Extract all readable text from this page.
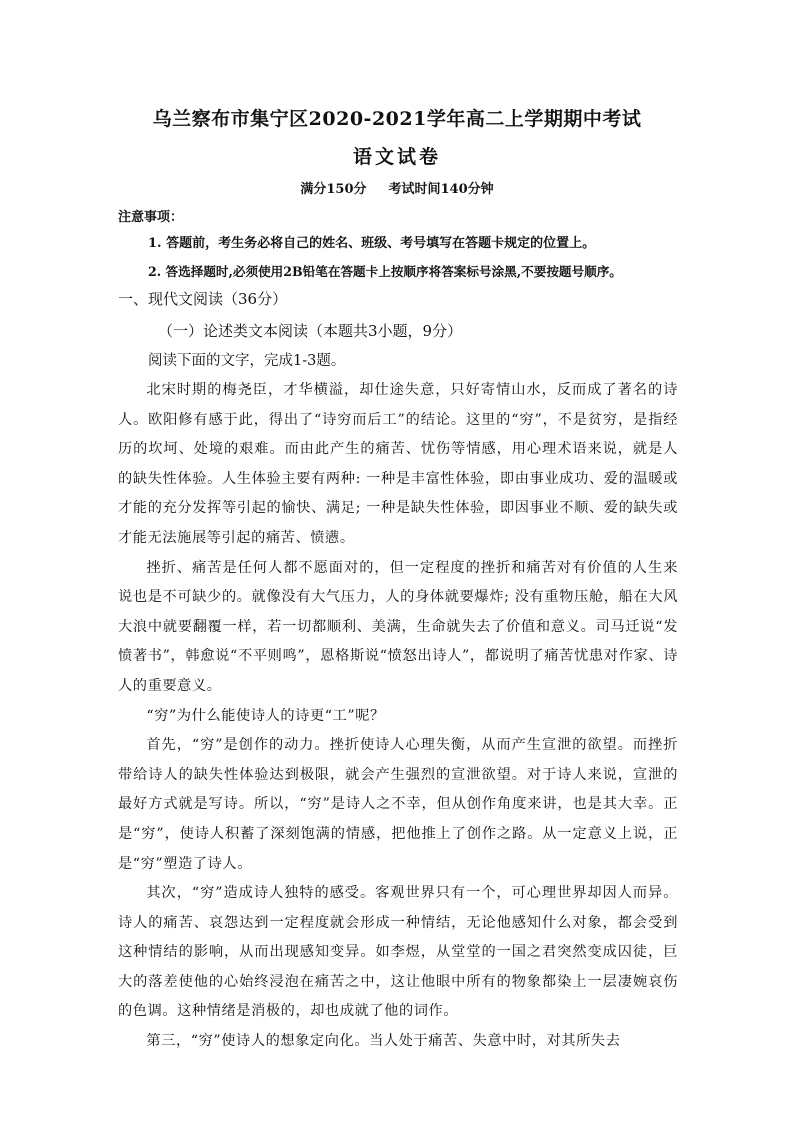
乌兰察布市集宁区2020-2021学年高二上学期期中考试
语文试卷
满分150分 考试时间140分钟
注意事项：
1. 答题前，考生务必将自己的姓名、班级、考号填写在答题卡规定的位置上。
2. 答选择题时,必须使用2B铅笔在答题卡上按顺序将答案标号涂黑,不要按题号顺序。
一、现代文阅读（36分）
（一）论述类文本阅读（本题共3小题，9分）
阅读下面的文字，完成1-3题。

北宋时期的梅尧臣，才华横溢，却仕途失意，只好寄情山水，反而成了著名的诗人。欧阳修有感于此，得出了“诗穷而后工”的结论。这里的“穷”，不是贫穷，是指经历的坎坷、处境的艰难。而由此产生的痛苦、忧伤等情感，用心理术语来说，就是人的缺失性体验。人生体验主要有两种: 一种是丰富性体验，即由事业成功、爱的温暖或才能的充分发挥等引起的愉快、满足; 一种是缺失性体验，即因事业不顺、爱的缺失或才能无法施展等引起的痛苦、愤懑。

挫折、痛苦是任何人都不愿面对的，但一定程度的挫折和痛苦对有价值的人生来说也是不可缺少的。就像没有大气压力，人的身体就要爆炸; 没有重物压舱，船在大风大浪中就要翻覆一样，若一切都顺利、美满，生命就失去了价值和意义。司马迁说“发愤著书”，韩愈说“不平则鸣”，恩格斯说“愤怒出诗人”，都说明了痛苦忧患对作家、诗人的重要意义。

“穷”为什么能使诗人的诗更“工”呢？

首先，“穷”是创作的动力。挫折使诗人心理失衡，从而产生宣泄的欲望。而挫折带给诗人的缺失性体验达到极限，就会产生强烈的宣泄欲望。对于诗人来说，宣泄的最好方式就是写诗。所以，“穷”是诗人之不幸，但从创作角度来讲，也是其大幸。正是“穷”，使诗人积蓄了深刻饱满的情感，把他推上了创作之路。从一定意义上说，正是“穷”塑造了诗人。

其次，“穷”造成诗人独特的感受。客观世界只有一个，可心理世界却因人而异。诗人的痛苦、哀怨达到一定程度就会形成一种情结，无论他感知什么对象，都会受到这种情结的影响，从而出现感知变异。如李煜，从堂堂的一国之君突然变成囚徒，巨大的落差使他的心始终浸泡在痛苦之中，这让他眼中所有的物象都染上一层凄婉哀伤的色调。这种情绪是消极的，却也成就了他的词作。

第三，“穷”使诗人的想象定向化。当人处于痛苦、失意中时，对其所失去
